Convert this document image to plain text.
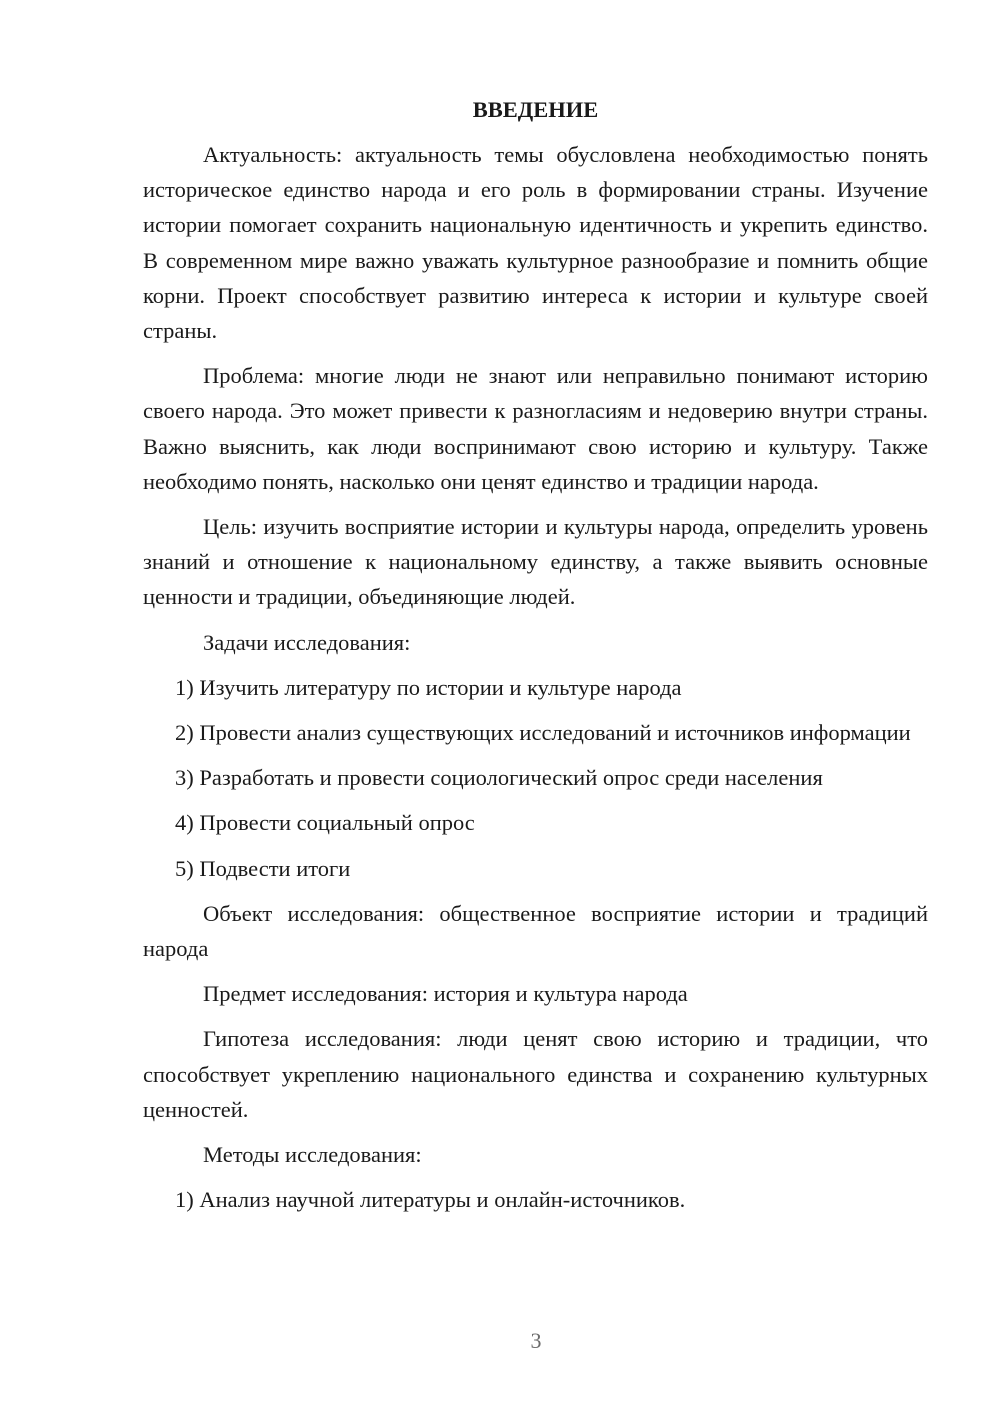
ВВЕДЕНИЕ

Актуальность: актуальность темы обусловлена необходимостью понять историческое единство народа и его роль в формировании страны. Изучение истории помогает сохранить национальную идентичность и укрепить единство. В современном мире важно уважать культурное разнообразие и помнить общие корни. Проект способствует развитию интереса к истории и культуре своей страны.

Проблема: многие люди не знают или неправильно понимают историю своего народа. Это может привести к разногласиям и недоверию внутри страны. Важно выяснить, как люди воспринимают свою историю и культуру. Также необходимо понять, насколько они ценят единство и традиции народа.

Цель: изучить восприятие истории и культуры народа, определить уровень знаний и отношение к национальному единству, а также выявить основные ценности и традиции, объединяющие людей.

Задачи исследования:

1) Изучить литературу по истории и культуре народа

2) Провести анализ существующих исследований и источников информации

3) Разработать и провести социологический опрос среди населения

4) Провести социальный опрос

5) Подвести итоги

Объект исследования: общественное восприятие истории и традиций народа

Предмет исследования: история и культура народа

Гипотеза исследования: люди ценят свою историю и традиции, что способствует укреплению национального единства и сохранению культурных ценностей.

Методы исследования:

1) Анализ научной литературы и онлайн-источников.

3
